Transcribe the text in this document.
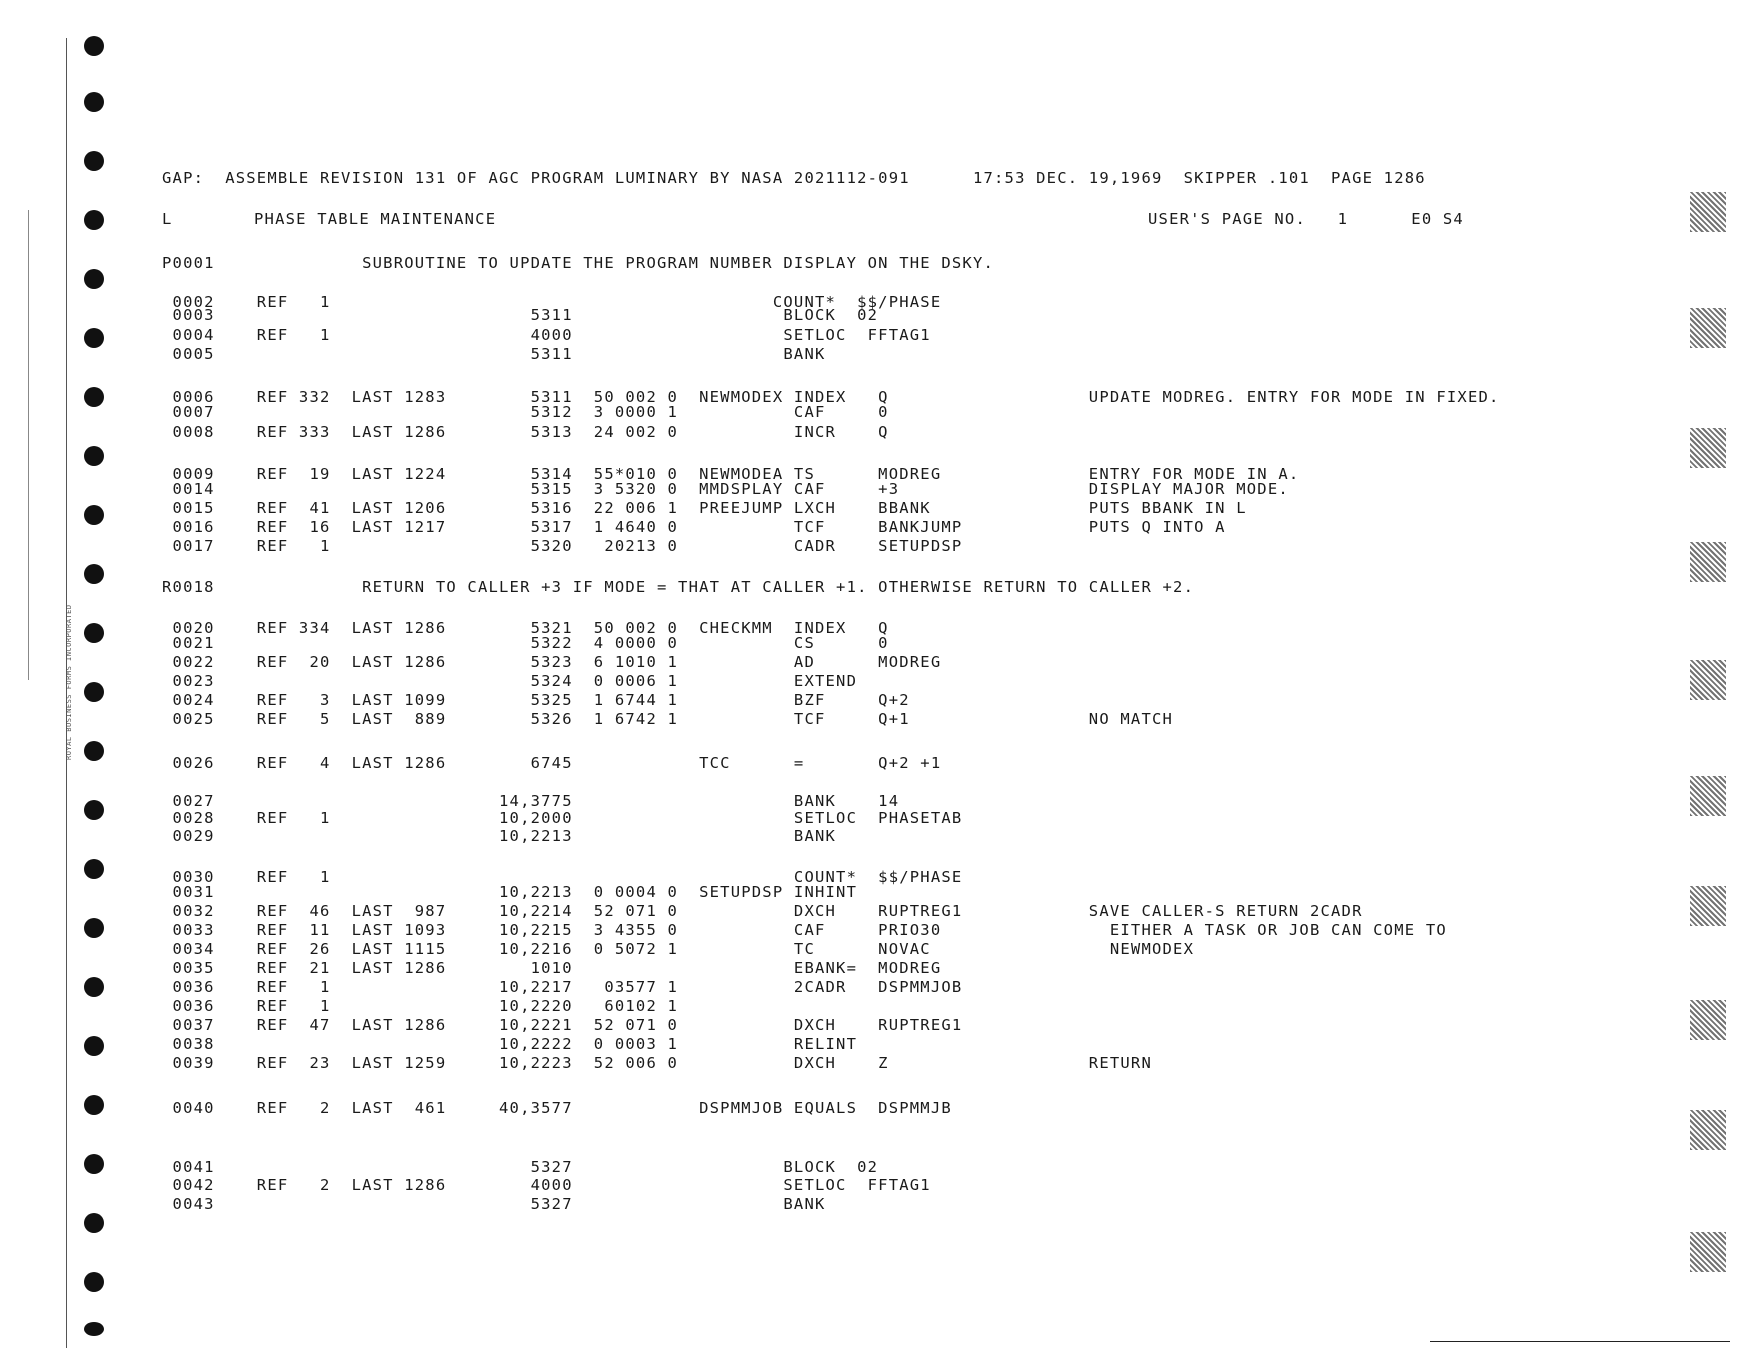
GAP:  ASSEMBLE REVISION 131 OF AGC PROGRAM LUMINARY BY NASA 2021112-091      17:53 DEC. 19,1969  SKIPPER .101  PAGE 1286
L	PHASE TABLE MAINTENANCE	USER'S PAGE NO.   1      E0 S4
P0001              SUBROUTINE TO UPDATE THE PROGRAM NUMBER DISPLAY ON THE DSKY.
0002    REF   1                                          COUNT*  $$/PHASE
0003                              5311                    BLOCK  02
0004    REF   1                   4000                    SETLOC  FFTAG1
0005                              5311                    BANK
0006    REF 332  LAST 1283        5311  50 002 0  NEWMODEX INDEX   Q                   UPDATE MODREG. ENTRY FOR MODE IN FIXED.
0007                              5312  3 0000 1           CAF     0
0008    REF 333  LAST 1286        5313  24 002 0           INCR    Q
0009    REF  19  LAST 1224        5314  55*010 0  NEWMODEA TS      MODREG              ENTRY FOR MODE IN A.
0014                              5315  3 5320 0  MMDSPLAY CAF     +3                  DISPLAY MAJOR MODE.
0015    REF  41  LAST 1206        5316  22 006 1  PREEJUMP LXCH    BBANK               PUTS BBANK IN L
0016    REF  16  LAST 1217        5317  1 4640 0           TCF     BANKJUMP            PUTS Q INTO A
0017    REF   1                   5320   20213 0           CADR    SETUPDSP
R0018              RETURN TO CALLER +3 IF MODE = THAT AT CALLER +1. OTHERWISE RETURN TO CALLER +2.
0020    REF 334  LAST 1286        5321  50 002 0  CHECKMM  INDEX   Q
0021                              5322  4 0000 0           CS      0
0022    REF  20  LAST 1286        5323  6 1010 1           AD      MODREG
0023                              5324  0 0006 1           EXTEND
0024    REF   3  LAST 1099        5325  1 6744 1           BZF     Q+2
0025    REF   5  LAST  889        5326  1 6742 1           TCF     Q+1                 NO MATCH
0026    REF   4  LAST 1286        6745            TCC      =       Q+2 +1
0027                           14,3775                     BANK    14
0028    REF   1                10,2000                     SETLOC  PHASETAB
0029                           10,2213                     BANK
0030    REF   1                                            COUNT*  $$/PHASE
0031                           10,2213  0 0004 0  SETUPDSP INHINT
0032    REF  46  LAST  987     10,2214  52 071 0           DXCH    RUPTREG1            SAVE CALLER-S RETURN 2CADR
0033    REF  11  LAST 1093     10,2215  3 4355 0           CAF     PRIO30                EITHER A TASK OR JOB CAN COME TO
0034    REF  26  LAST 1115     10,2216  0 5072 1           TC      NOVAC                 NEWMODEX
0035    REF  21  LAST 1286        1010                     EBANK=  MODREG
0036    REF   1                10,2217   03577 1           2CADR   DSPMMJOB
0036    REF   1                10,2220   60102 1
0037    REF  47  LAST 1286     10,2221  52 071 0           DXCH    RUPTREG1
0038                           10,2222  0 0003 1           RELINT
0039    REF  23  LAST 1259     10,2223  52 006 0           DXCH    Z                   RETURN
0040    REF   2  LAST  461     40,3577            DSPMMJOB EQUALS  DSPMMJB
0041                              5327                    BLOCK  02
0042    REF   2  LAST 1286        4000                    SETLOC  FFTAG1
0043                              5327                    BANK
ROYAL BUSINESS FORMS INCORPORATED
